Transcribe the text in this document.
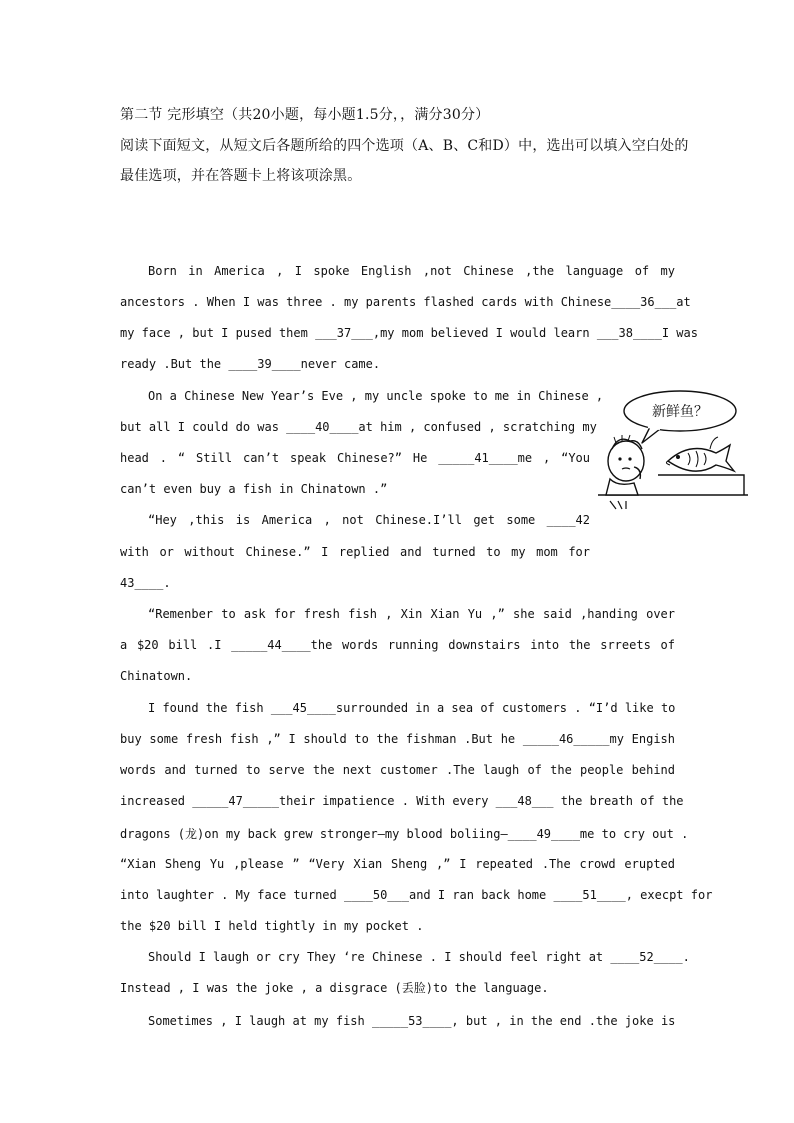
第二节 完形填空（共20小题，每小题1.5分，，满分30分）
阅读下面短文，从短文后各题所给的四个选项（A、B、C和D）中，选出可以填入空白处的
最佳选项，并在答题卡上将该项涂黑。
Born in America , I spoke English ,not Chinese ,the language of my
ancestors . When I was three . my parents flashed cards with Chinese____36___at
my face , but I pused them ___37___,my mom believed I would learn ___38____I was
ready .But the ____39____never came.
On a Chinese New Year’s Eve , my uncle spoke to me in Chinese ,
but all I could do was ____40____at him , confused , scratching my
head . “ Still can’t speak Chinese?” He _____41____me , “You
can’t even buy a fish in Chinatown .”
“Hey ,this is America , not Chinese.I’ll get some ____42
with or without Chinese.” I replied and turned to my mom for
43____.
“Remenber to ask for fresh fish , Xin Xian Yu ,” she said ,handing over
a $20 bill .I _____44____the words running downstairs into the srreets of
Chinatown.
I found the fish ___45____surrounded in a sea of customers . “I’d like to
buy some fresh fish ,” I should to the fishman .But he _____46_____my Engish
words and turned to serve the next customer .The laugh of the people behind
increased _____47_____their impatience . With every ___48___ the breath of the
dragons (龙)on my back grew stronger—my blood boliing—____49____me to cry out .
“Xian Sheng Yu ,please ” “Very Xian Sheng ,” I repeated .The crowd erupted
into laughter . My face turned ____50___and I ran back home ____51____, execpt for
the $20 bill I held tightly in my pocket .
Should I laugh or cry They ‘re Chinese . I should feel right at ____52____.
Instead , I was the joke , a disgrace (丢脸)to the language.
Sometimes , I laugh at my fish _____53____, but , in the end .the joke is
新鲜鱼？
